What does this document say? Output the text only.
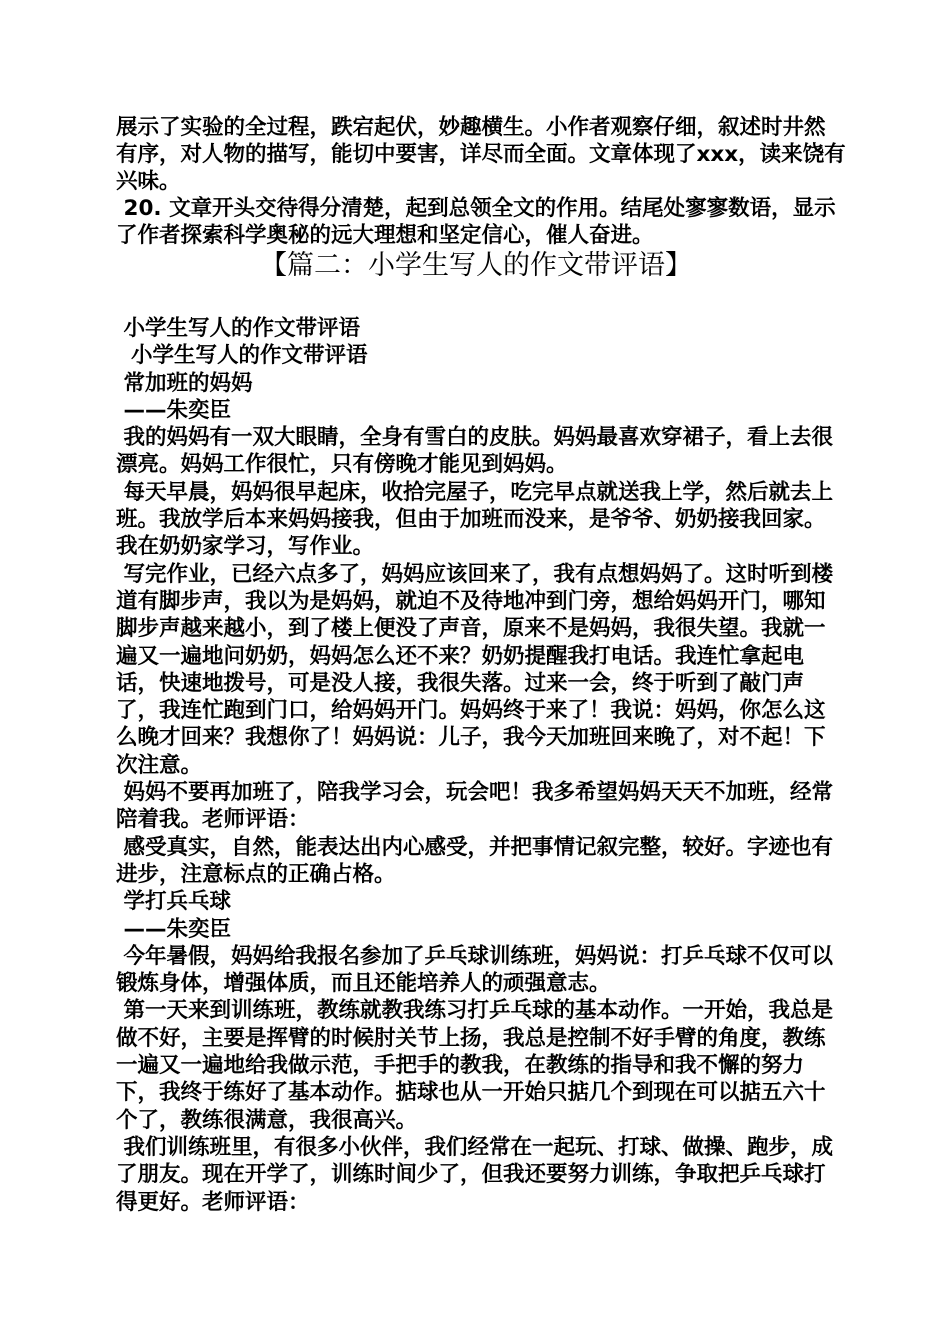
展示了实验的全过程，跌宕起伏，妙趣横生。小作者观察仔细，叙述时井然有序，对人物的描写，能切中要害，详尽而全面。文章体现了xxx，读来饶有兴味。

20. 文章开头交待得分清楚，起到总领全文的作用。结尾处寥寥数语，显示了作者探索科学奥秘的远大理想和坚定信心，催人奋进。

【篇二：小学生写人的作文带评语】

小学生写人的作文带评语

小学生写人的作文带评语

常加班的妈妈

——朱奕臣

我的妈妈有一双大眼睛，全身有雪白的皮肤。妈妈最喜欢穿裙子，看上去很漂亮。妈妈工作很忙，只有傍晚才能见到妈妈。

每天早晨，妈妈很早起床，收拾完屋子，吃完早点就送我上学，然后就去上班。我放学后本来妈妈接我，但由于加班而没来，是爷爷、奶奶接我回家。我在奶奶家学习，写作业。

写完作业，已经六点多了，妈妈应该回来了，我有点想妈妈了。这时听到楼道有脚步声，我以为是妈妈，就迫不及待地冲到门旁，想给妈妈开门，哪知脚步声越来越小，到了楼上便没了声音，原来不是妈妈，我很失望。我就一遍又一遍地问奶奶，妈妈怎么还不来？奶奶提醒我打电话。我连忙拿起电话，快速地拨号，可是没人接，我很失落。过来一会，终于听到了敲门声了，我连忙跑到门口，给妈妈开门。妈妈终于来了！我说：妈妈，你怎么这么晚才回来？我想你了！妈妈说：儿子，我今天加班回来晚了，对不起！下次注意。

妈妈不要再加班了，陪我学习会，玩会吧！我多希望妈妈天天不加班，经常陪着我。老师评语：

感受真实，自然，能表达出内心感受，并把事情记叙完整，较好。字迹也有进步，注意标点的正确占格。

学打兵乓球

——朱奕臣

今年暑假，妈妈给我报名参加了乒乓球训练班，妈妈说：打乒乓球不仅可以锻炼身体，增强体质，而且还能培养人的顽强意志。

第一天来到训练班，教练就教我练习打乒乓球的基本动作。一开始，我总是做不好，主要是挥臂的时候肘关节上扬，我总是控制不好手臂的角度，教练一遍又一遍地给我做示范，手把手的教我，在教练的指导和我不懈的努力下，我终于练好了基本动作。掂球也从一开始只掂几个到现在可以掂五六十个了，教练很满意，我很高兴。

我们训练班里，有很多小伙伴，我们经常在一起玩、打球、做操、跑步，成了朋友。现在开学了，训练时间少了，但我还要努力训练，争取把乒乓球打得更好。老师评语：
